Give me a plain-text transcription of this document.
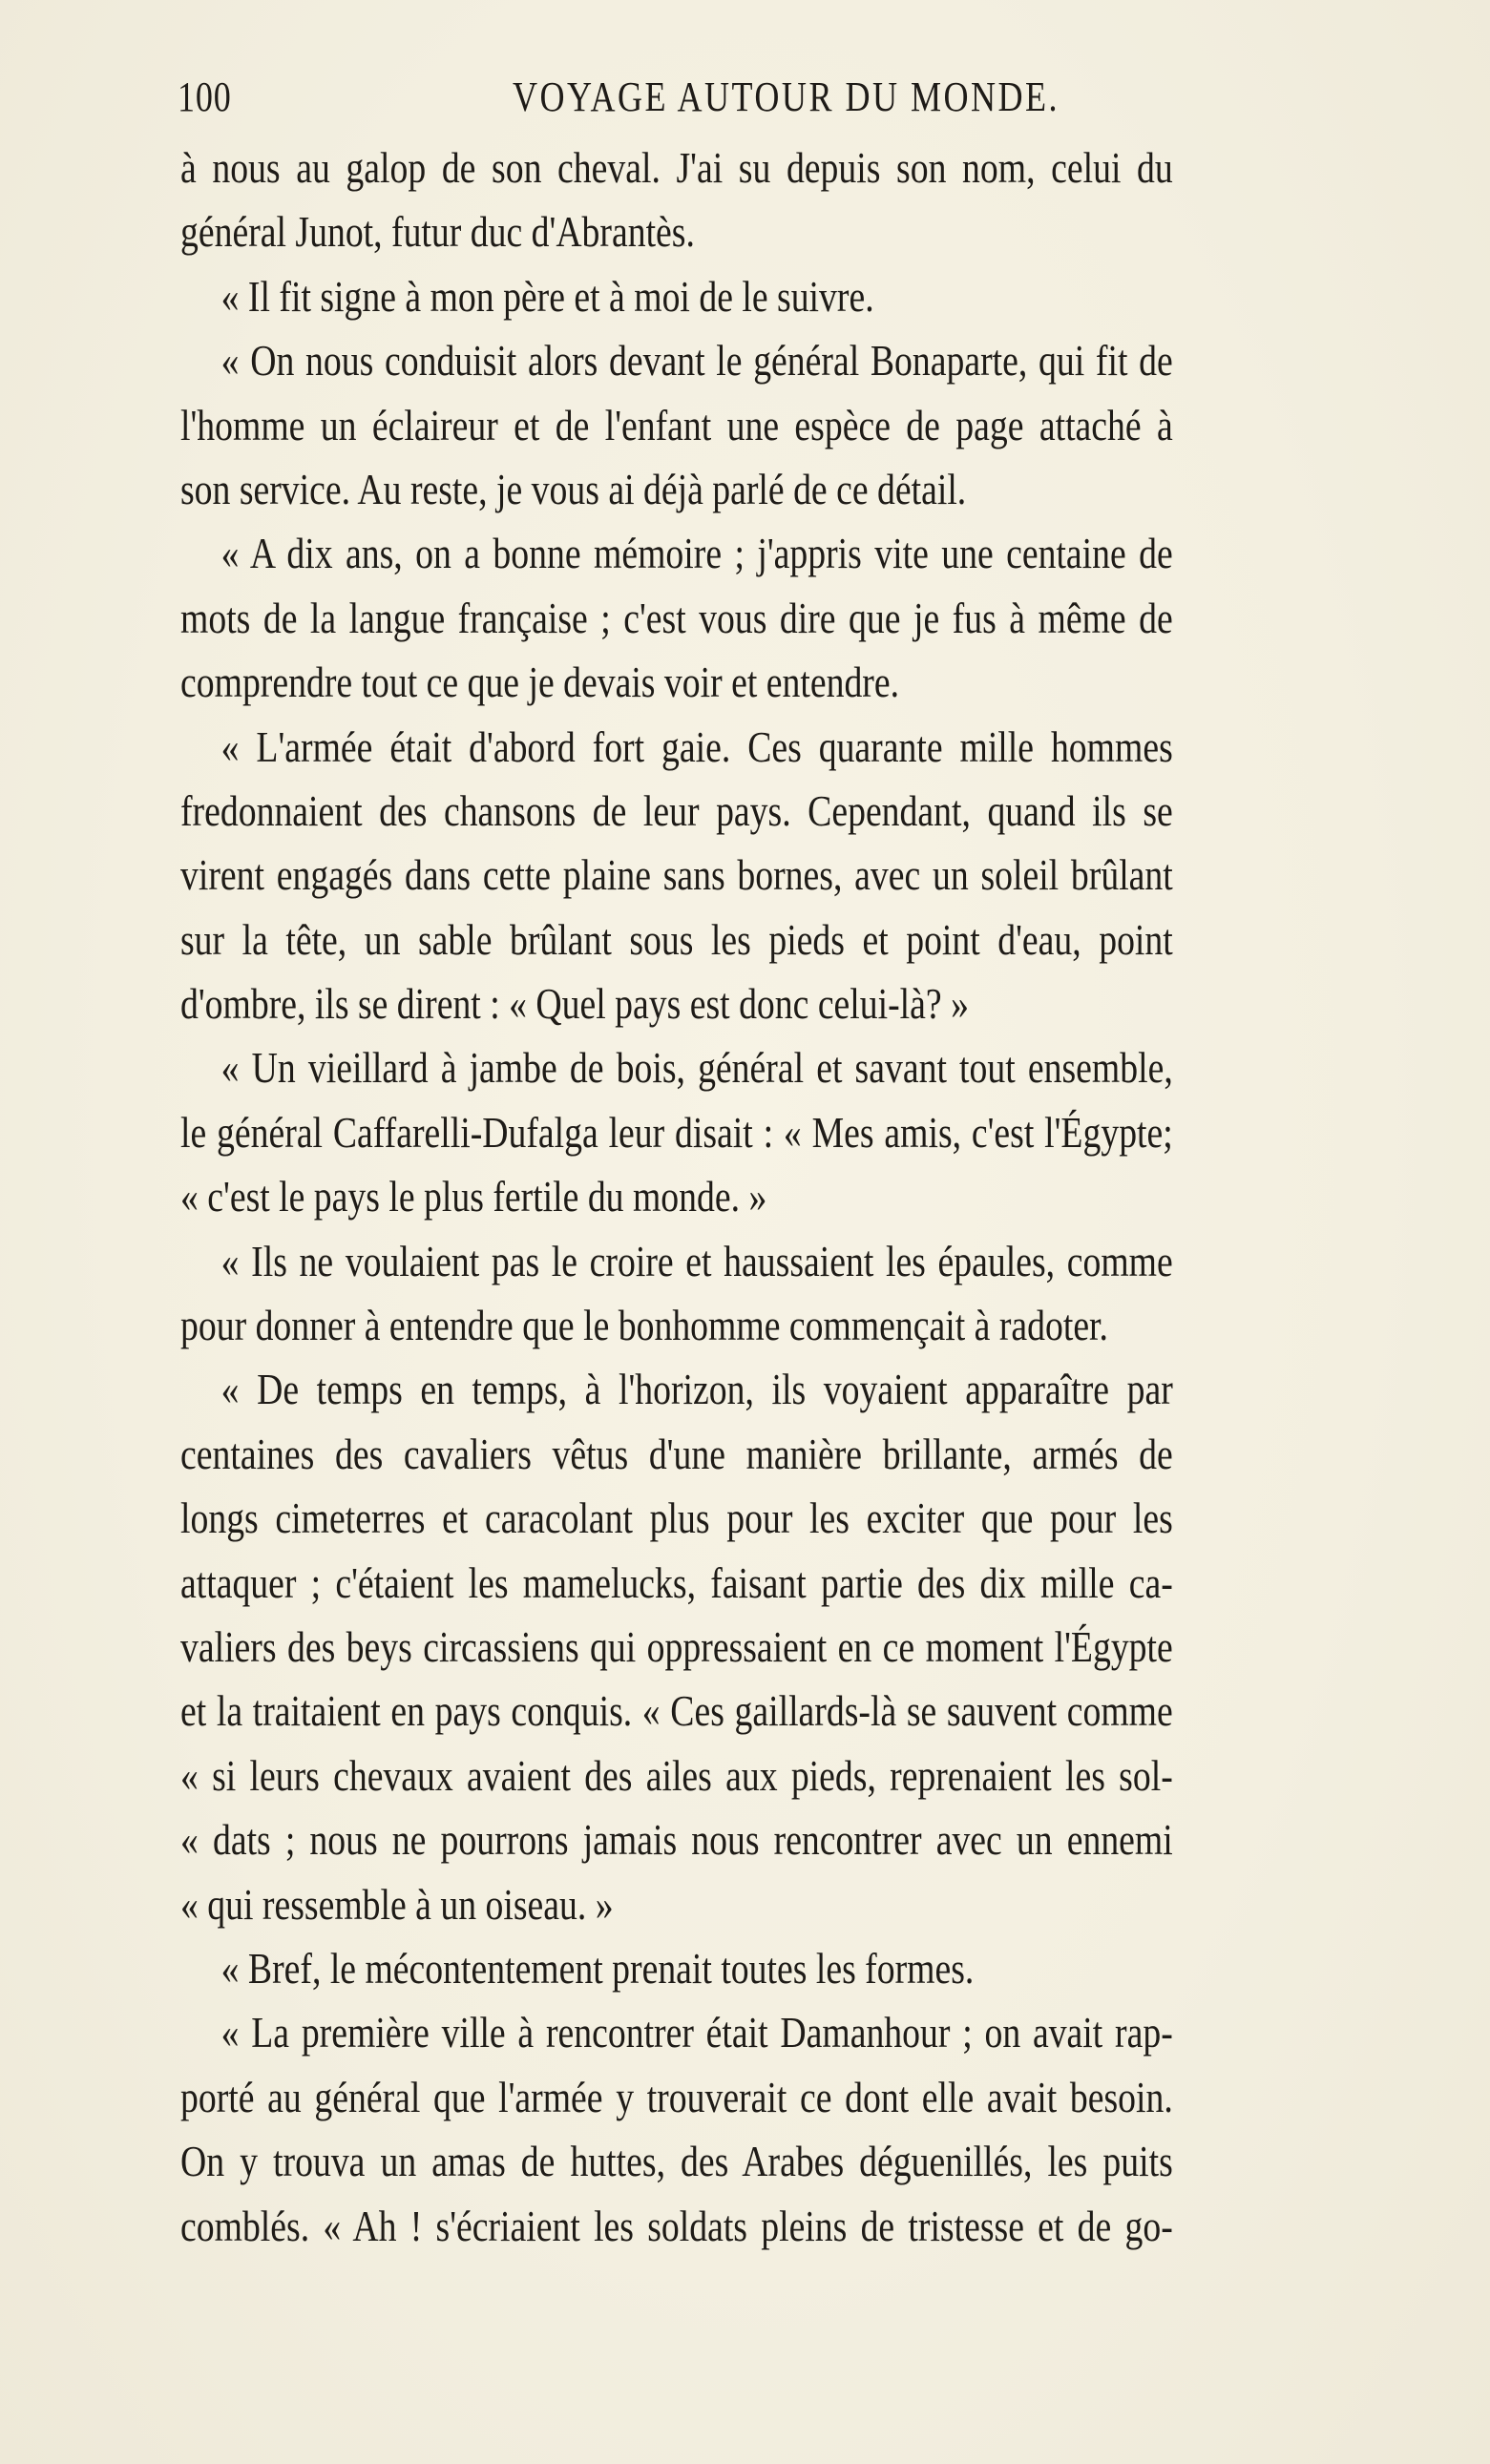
100	VOYAGE AUTOUR DU MONDE.
à nous au galop de son cheval. J'ai su depuis son nom, celui du
général Junot, futur duc d'Abrantès.
« Il fit signe à mon père et à moi de le suivre.
« On nous conduisit alors devant le général Bonaparte, qui fit de
l'homme un éclaireur et de l'enfant une espèce de page attaché à
son service. Au reste, je vous ai déjà parlé de ce détail.
« A dix ans, on a bonne mémoire ; j'appris vite une centaine de
mots de la langue française ; c'est vous dire que je fus à même de
comprendre tout ce que je devais voir et entendre.
« L'armée était d'abord fort gaie. Ces quarante mille hommes
fredonnaient des chansons de leur pays. Cependant, quand ils se
virent engagés dans cette plaine sans bornes, avec un soleil brûlant
sur la tête, un sable brûlant sous les pieds et point d'eau, point
d'ombre, ils se dirent : « Quel pays est donc celui-là? »
« Un vieillard à jambe de bois, général et savant tout ensemble,
le général Caffarelli-Dufalga leur disait : « Mes amis, c'est l'Égypte;
« c'est le pays le plus fertile du monde. »
« Ils ne voulaient pas le croire et haussaient les épaules, comme
pour donner à entendre que le bonhomme commençait à radoter.
« De temps en temps, à l'horizon, ils voyaient apparaître par
centaines des cavaliers vêtus d'une manière brillante, armés de
longs cimeterres et caracolant plus pour les exciter que pour les
attaquer ; c'étaient les mamelucks, faisant partie des dix mille ca-
valiers des beys circassiens qui oppressaient en ce moment l'Égypte
et la traitaient en pays conquis. « Ces gaillards-là se sauvent comme
« si leurs chevaux avaient des ailes aux pieds, reprenaient les sol-
« dats ; nous ne pourrons jamais nous rencontrer avec un ennemi
« qui ressemble à un oiseau. »
« Bref, le mécontentement prenait toutes les formes.
« La première ville à rencontrer était Damanhour ; on avait rap-
porté au général que l'armée y trouverait ce dont elle avait besoin.
On y trouva un amas de huttes, des Arabes déguenillés, les puits
comblés. « Ah ! s'écriaient les soldats pleins de tristesse et de go-
